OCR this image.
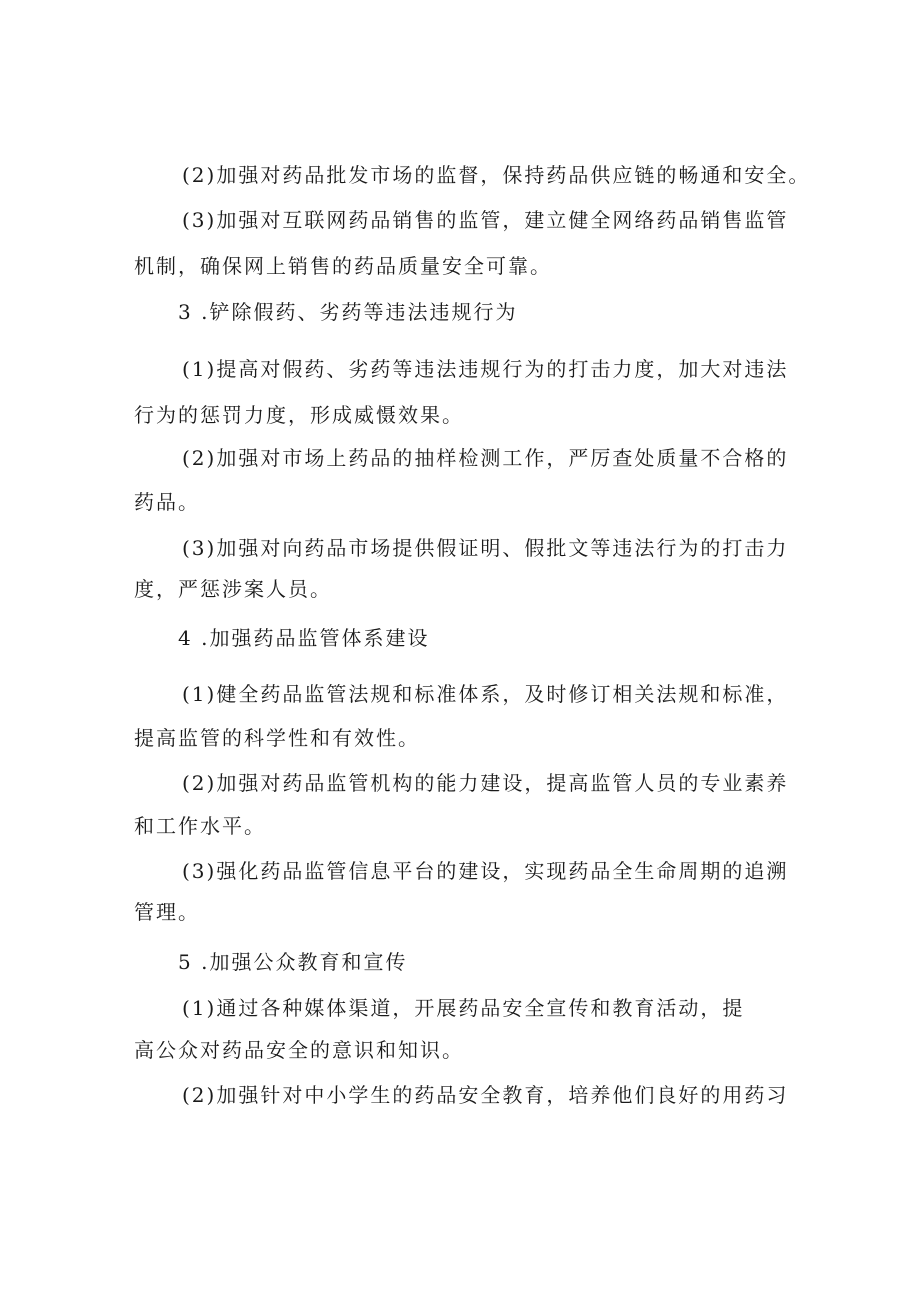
(2)加强对药品批发市场的监督，保持药品供应链的畅通和安全。
(3)加强对互联网药品销售的监管，建立健全网络药品销售监管
机制，确保网上销售的药品质量安全可靠。
3 .铲除假药、劣药等违法违规行为
(1)提高对假药、劣药等违法违规行为的打击力度，加大对违法
行为的惩罚力度，形成威慑效果。
(2)加强对市场上药品的抽样检测工作，严厉查处质量不合格的
药品。
(3)加强对向药品市场提供假证明、假批文等违法行为的打击力
度，严惩涉案人员。
4 .加强药品监管体系建设
(1)健全药品监管法规和标准体系，及时修订相关法规和标准，
提高监管的科学性和有效性。
(2)加强对药品监管机构的能力建设，提高监管人员的专业素养
和工作水平。
(3)强化药品监管信息平台的建设，实现药品全生命周期的追溯
管理。
5 .加强公众教育和宣传
(1)通过各种媒体渠道，开展药品安全宣传和教育活动，提
高公众对药品安全的意识和知识。
(2)加强针对中小学生的药品安全教育，培养他们良好的用药习
